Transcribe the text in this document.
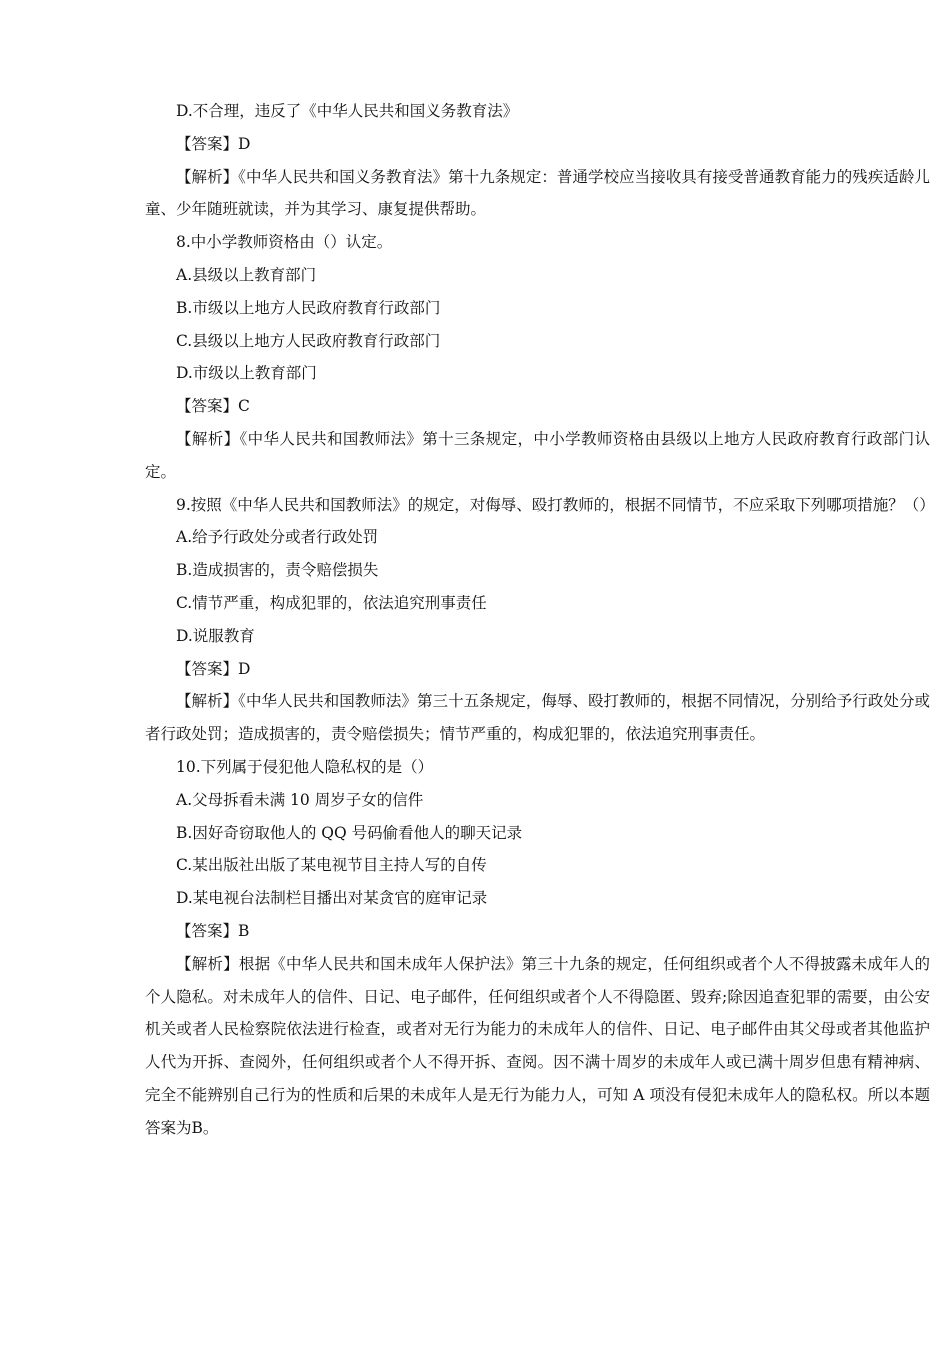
D.不合理，违反了《中华人民共和国义务教育法》
【答案】D
【解析】《中华人民共和国义务教育法》第十九条规定：普通学校应当接收具有接受普通教育能力的残疾适龄儿童、少年随班就读，并为其学习、康复提供帮助。
8.中小学教师资格由（）认定。
A.县级以上教育部门
B.市级以上地方人民政府教育行政部门
C.县级以上地方人民政府教育行政部门
D.市级以上教育部门
【答案】C
【解析】《中华人民共和国教师法》第十三条规定，中小学教师资格由县级以上地方人民政府教育行政部门认定。
9.按照《中华人民共和国教师法》的规定，对侮辱、殴打教师的，根据不同情节，不应采取下列哪项措施？（）
A.给予行政处分或者行政处罚
B.造成损害的，责令赔偿损失
C.情节严重，构成犯罪的，依法追究刑事责任
D.说服教育
【答案】D
【解析】《中华人民共和国教师法》第三十五条规定，侮辱、殴打教师的，根据不同情况，分别给予行政处分或者行政处罚；造成损害的，责令赔偿损失；情节严重的，构成犯罪的，依法追究刑事责任。
10.下列属于侵犯他人隐私权的是（）
A.父母拆看未满 10 周岁子女的信件
B.因好奇窃取他人的 QQ 号码偷看他人的聊天记录
C.某出版社出版了某电视节目主持人写的自传
D.某电视台法制栏目播出对某贪官的庭审记录
【答案】B
【解析】根据《中华人民共和国未成年人保护法》第三十九条的规定，任何组织或者个人不得披露未成年人的个人隐私。对未成年人的信件、日记、电子邮件，任何组织或者个人不得隐匿、毁弃;除因追查犯罪的需要，由公安机关或者人民检察院依法进行检查，或者对无行为能力的未成年人的信件、日记、电子邮件由其父母或者其他监护人代为开拆、查阅外，任何组织或者个人不得开拆、查阅。因不满十周岁的未成年人或已满十周岁但患有精神病、完全不能辨别自己行为的性质和后果的未成年人是无行为能力人，可知 A 项没有侵犯未成年人的隐私权。所以本题答案为B。
